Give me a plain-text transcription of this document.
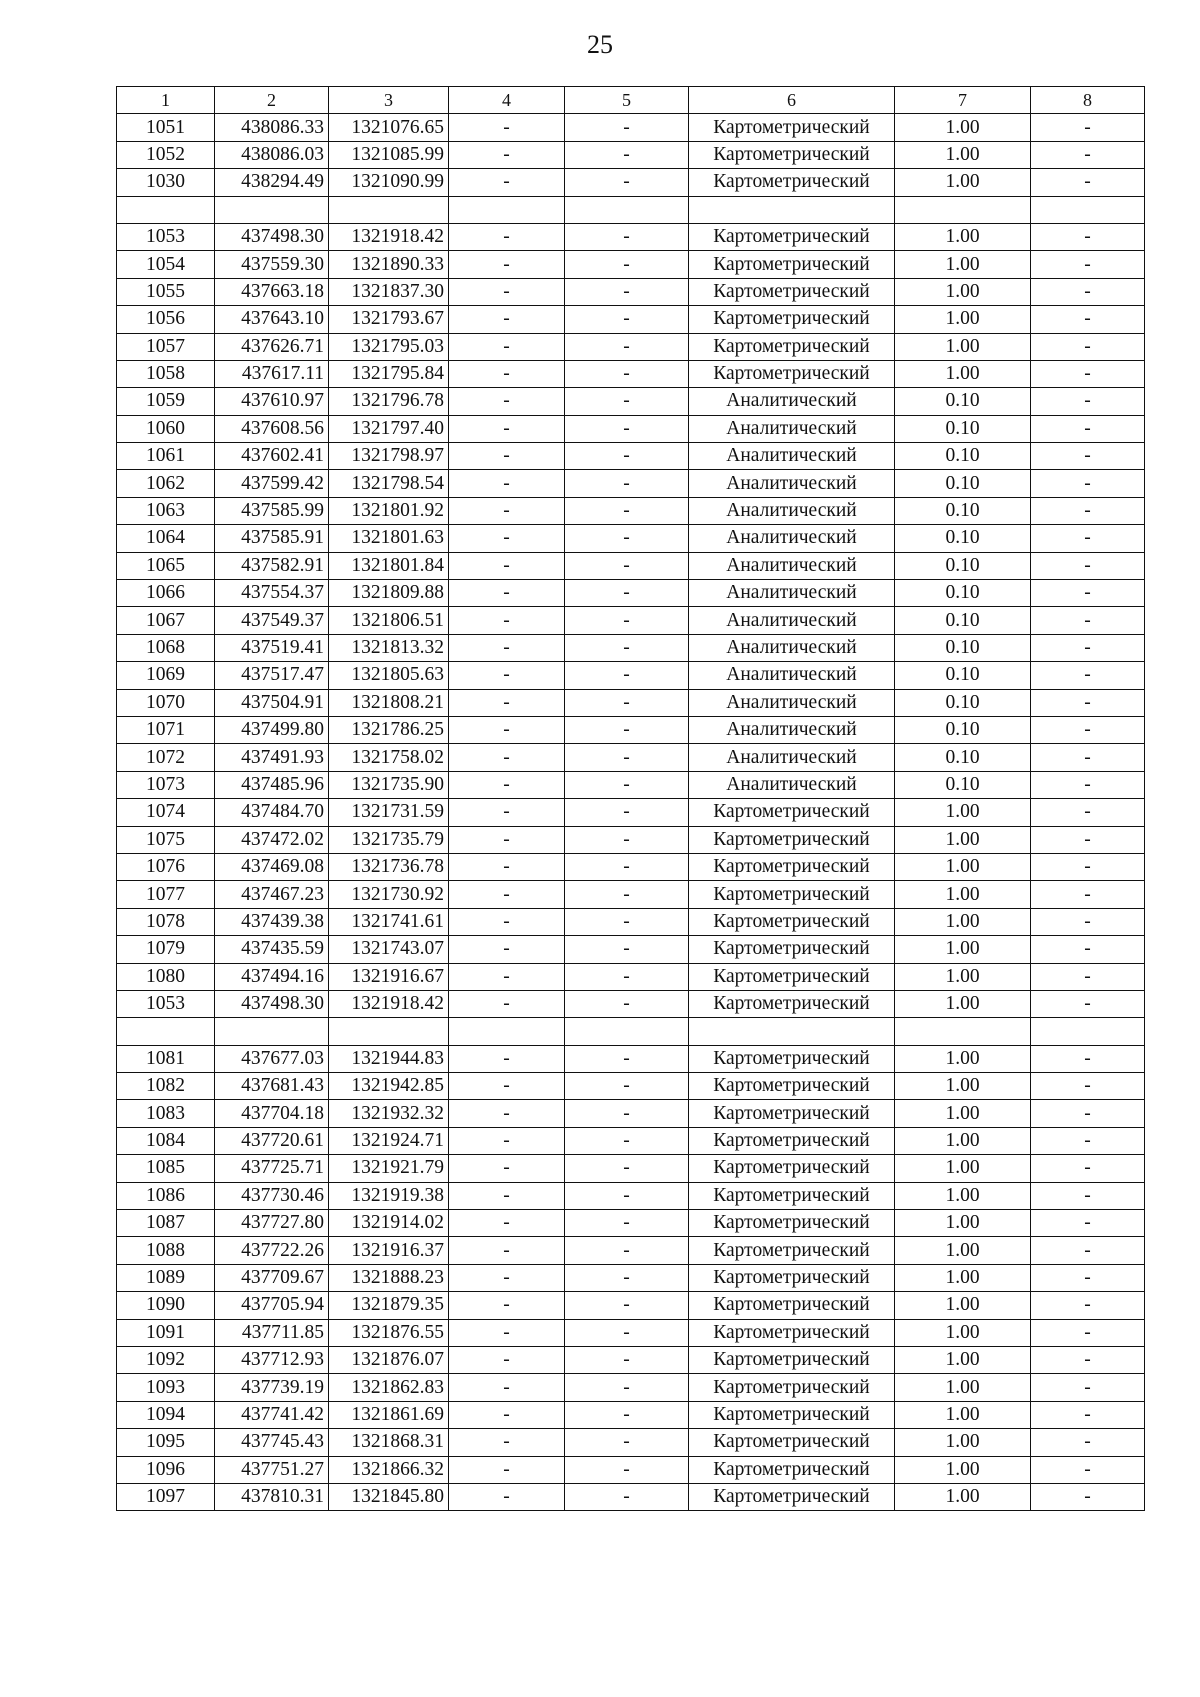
25
1	2	3	4	5	6	7	8
1051	438086.33	1321076.65	-	-	Картометрический	1.00	-
1052	438086.03	1321085.99	-	-	Картометрический	1.00	-
1030	438294.49	1321090.99	-	-	Картометрический	1.00	-

1053	437498.30	1321918.42	-	-	Картометрический	1.00	-
1054	437559.30	1321890.33	-	-	Картометрический	1.00	-
1055	437663.18	1321837.30	-	-	Картометрический	1.00	-
1056	437643.10	1321793.67	-	-	Картометрический	1.00	-
1057	437626.71	1321795.03	-	-	Картометрический	1.00	-
1058	437617.11	1321795.84	-	-	Картометрический	1.00	-
1059	437610.97	1321796.78	-	-	Аналитический	0.10	-
1060	437608.56	1321797.40	-	-	Аналитический	0.10	-
1061	437602.41	1321798.97	-	-	Аналитический	0.10	-
1062	437599.42	1321798.54	-	-	Аналитический	0.10	-
1063	437585.99	1321801.92	-	-	Аналитический	0.10	-
1064	437585.91	1321801.63	-	-	Аналитический	0.10	-
1065	437582.91	1321801.84	-	-	Аналитический	0.10	-
1066	437554.37	1321809.88	-	-	Аналитический	0.10	-
1067	437549.37	1321806.51	-	-	Аналитический	0.10	-
1068	437519.41	1321813.32	-	-	Аналитический	0.10	-
1069	437517.47	1321805.63	-	-	Аналитический	0.10	-
1070	437504.91	1321808.21	-	-	Аналитический	0.10	-
1071	437499.80	1321786.25	-	-	Аналитический	0.10	-
1072	437491.93	1321758.02	-	-	Аналитический	0.10	-
1073	437485.96	1321735.90	-	-	Аналитический	0.10	-
1074	437484.70	1321731.59	-	-	Картометрический	1.00	-
1075	437472.02	1321735.79	-	-	Картометрический	1.00	-
1076	437469.08	1321736.78	-	-	Картометрический	1.00	-
1077	437467.23	1321730.92	-	-	Картометрический	1.00	-
1078	437439.38	1321741.61	-	-	Картометрический	1.00	-
1079	437435.59	1321743.07	-	-	Картометрический	1.00	-
1080	437494.16	1321916.67	-	-	Картометрический	1.00	-
1053	437498.30	1321918.42	-	-	Картометрический	1.00	-

1081	437677.03	1321944.83	-	-	Картометрический	1.00	-
1082	437681.43	1321942.85	-	-	Картометрический	1.00	-
1083	437704.18	1321932.32	-	-	Картометрический	1.00	-
1084	437720.61	1321924.71	-	-	Картометрический	1.00	-
1085	437725.71	1321921.79	-	-	Картометрический	1.00	-
1086	437730.46	1321919.38	-	-	Картометрический	1.00	-
1087	437727.80	1321914.02	-	-	Картометрический	1.00	-
1088	437722.26	1321916.37	-	-	Картометрический	1.00	-
1089	437709.67	1321888.23	-	-	Картометрический	1.00	-
1090	437705.94	1321879.35	-	-	Картометрический	1.00	-
1091	437711.85	1321876.55	-	-	Картометрический	1.00	-
1092	437712.93	1321876.07	-	-	Картометрический	1.00	-
1093	437739.19	1321862.83	-	-	Картометрический	1.00	-
1094	437741.42	1321861.69	-	-	Картометрический	1.00	-
1095	437745.43	1321868.31	-	-	Картометрический	1.00	-
1096	437751.27	1321866.32	-	-	Картометрический	1.00	-
1097	437810.31	1321845.80	-	-	Картометрический	1.00	-
